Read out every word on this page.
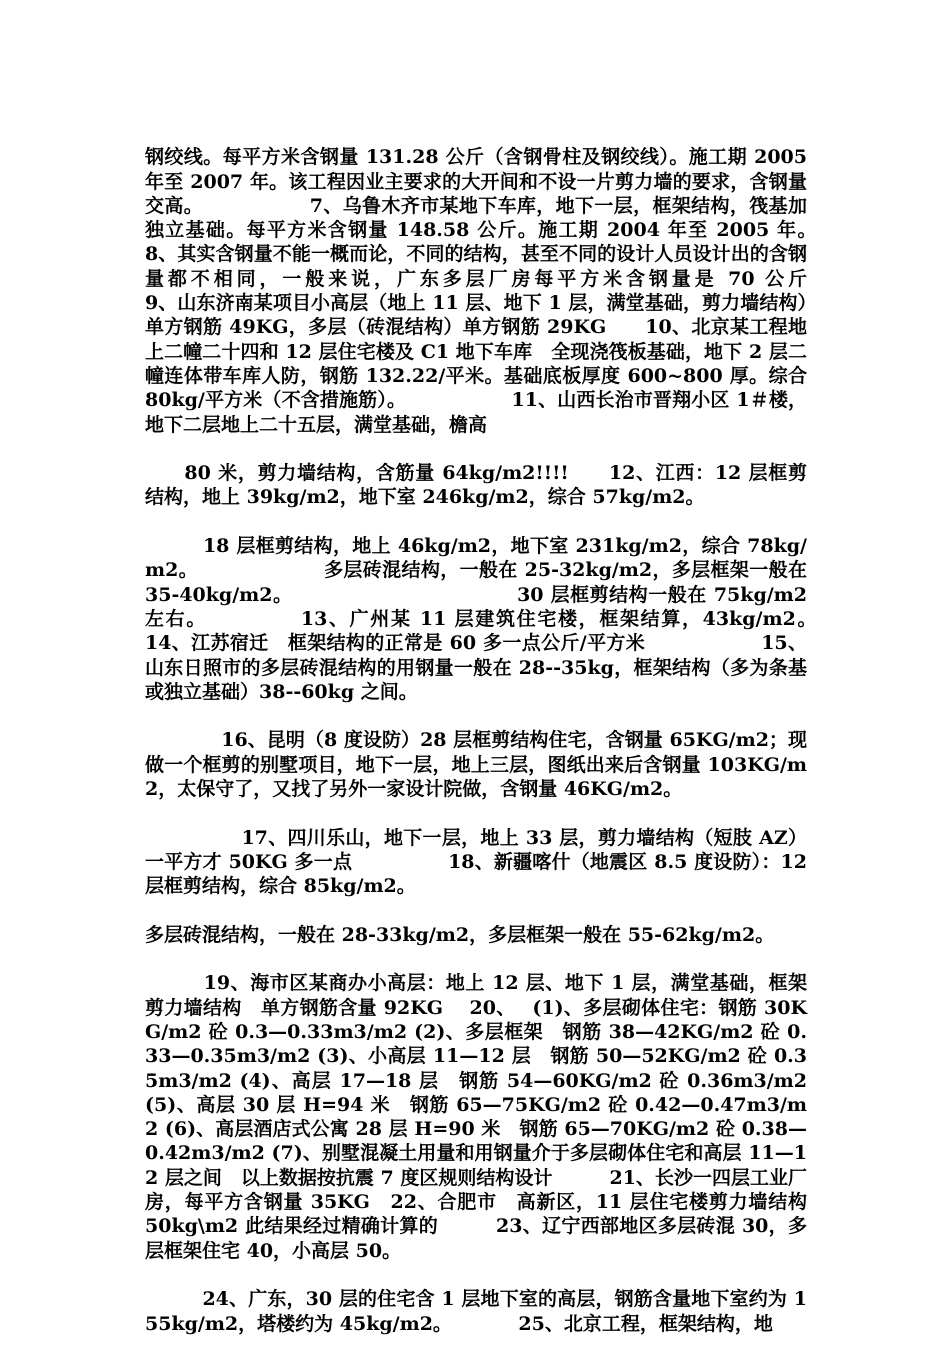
钢绞线。每平方米含钢量 131.28 公斤（含钢骨柱及钢绞线）。施工期 2005 年至 2007 年。该工程因业主要求的大开间和不设一片剪力墙的要求，含钢量交高。　　　　　　7、乌鲁木齐市某地下车库，地下一层，框架结构，筏基加独立基础。每平方米含钢量 148.58 公斤。施工期 2004 年至 2005 年。　　　　8、其实含钢量不能一概而论，不同的结构，甚至不同的设计人员设计出的含钢量都不相同，一般来说，广东多层厂房每平方米含钢量是 70 公斤　　　　　9、山东济南某项目小高层（地上 11 层、地下 1 层，满堂基础，剪力墙结构）单方钢筋 49KG，多层（砖混结构）单方钢筋 29KG　　10、北京某工程地上二幢二十四和 12 层住宅楼及 C1 地下车库　全现浇筏板基础，地下 2 层二幢连体带车库人防，钢筋 132.22/平米。基础底板厚度 600~800 厚。综合 80kg/平方米（不含措施筋）。　　　　　　11、山西长治市晋翔小区 1＃楼，地下二层地上二十五层，满堂基础，檐高

　　80 米，剪力墙结构，含筋量 64kg/m2!!!!　　12、江西：12 层框剪结构，地上 39kg/m2，地下室 246kg/m2，综合 57kg/m2。

　　　18 层框剪结构，地上 46kg/m2，地下室 231kg/m2，综合 78kg/m2。　　　　　　　多层砖混结构，一般在 25-32kg/m2，多层框架一般在 35-40kg/m2。　　　　　　　　　　　　30 层框剪结构一般在 75kg/m2 左右。　　　　　13、广州某 11 层建筑住宅楼，框架结算，43kg/m2。　　　　　14、江苏宿迁　框架结构的正常是 60 多一点公斤/平方米　　　　　　15、山东日照市的多层砖混结构的用钢量一般在 28--35kg，框架结构（多为条基或独立基础）38--60kg 之间。

　　　　16、昆明（8 度设防）28 层框剪结构住宅，含钢量 65KG/m2；现做一个框剪的别墅项目，地下一层，地上三层，图纸出来后含钢量 103KG/m2，太保守了，又找了另外一家设计院做，含钢量 46KG/m2。

　　　　　17、四川乐山，地下一层，地上 33 层，剪力墙结构（短肢 AZ）一平方才 50KG 多一点　　　　　18、新疆喀什（地震区 8.5 度设防）：12 层框剪结构，综合 85kg/m2。

多层砖混结构，一般在 28-33kg/m2，多层框架一般在 55-62kg/m2。

　　　19、海市区某商办小高层：地上 12 层、地下 1 层，满堂基础，框架剪力墙结构　单方钢筋含量 92KG　 20、　 (1)、多层砌体住宅：钢筋 30KG/m2 砼 0.3—0.33m3/m2 (2)、多层框架　钢筋 38—42KG/m2 砼 0.33—0.35m3/m2 (3)、小高层 11—12 层　钢筋 50—52KG/m2 砼 0.35m3/m2 (4)、高层 17—18 层　钢筋 54—60KG/m2 砼 0.36m3/m2 (5)、高层 30 层 H=94 米　钢筋 65—75KG/m2 砼 0.42—0.47m3/m2 (6)、高层酒店式公寓 28 层 H=90 米　钢筋 65—70KG/m2 砼 0.38—0.42m3/m2 (7)、别墅混凝土用量和用钢量介于多层砌体住宅和高层 11—12 层之间　以上数据按抗震 7 度区规则结构设计　　　21、长沙一四层工业厂房，每平方含钢量 35KG　22、合肥市　高新区，11 层住宅楼剪力墙结构　50kg\m2 此结果经过精确计算的　　　23、辽宁西部地区多层砖混 30，多层框架住宅 40，小高层 50。

　　　24、广东，30 层的住宅含 1 层地下室的高层，钢筋含量地下室约为 155kg/m2，塔楼约为 45kg/m2。　　　　25、北京工程，框架结构，地
